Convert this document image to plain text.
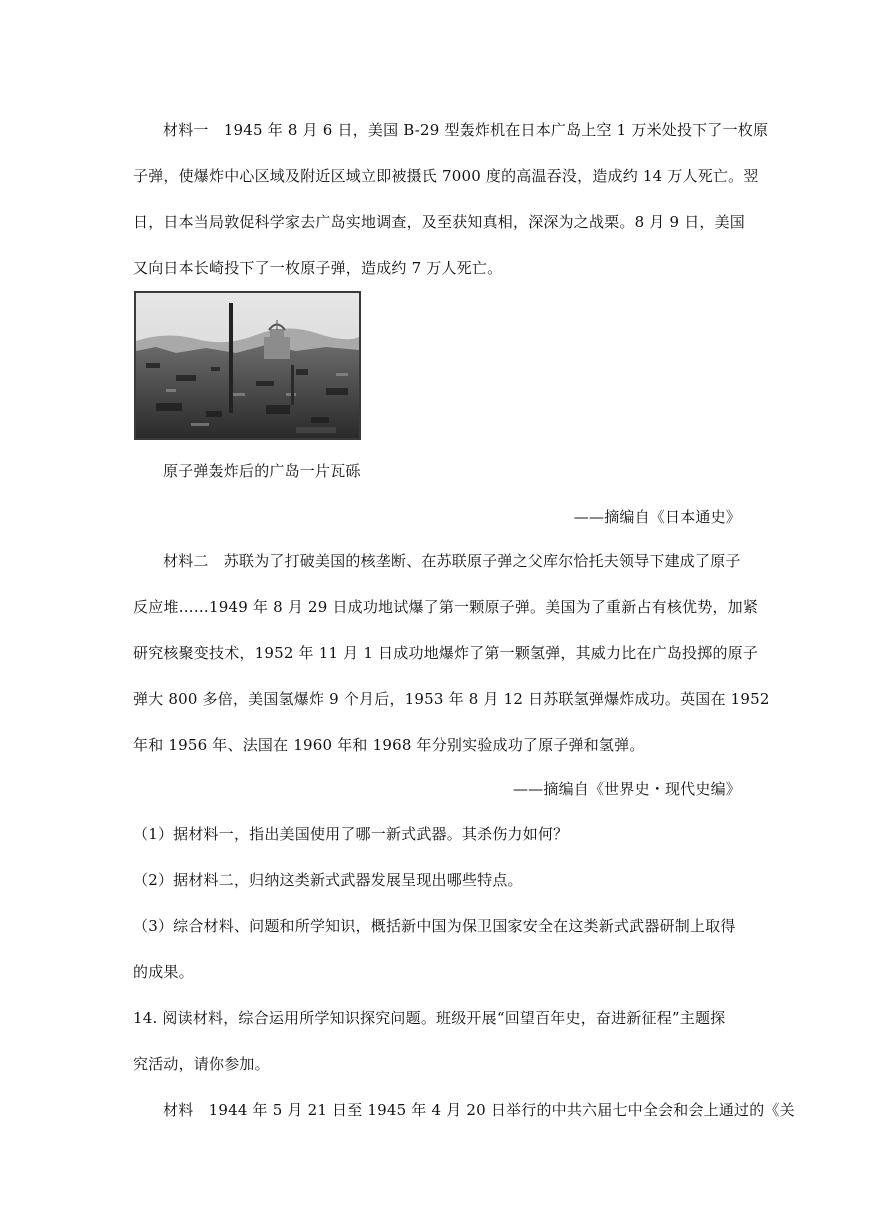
材料一　1945 年 8 月 6 日，美国 B-29 型轰炸机在日本广岛上空 1 万米处投下了一枚原
子弹，使爆炸中心区域及附近区域立即被摄氏 7000 度的高温吞没，造成约 14 万人死亡。翌
日，日本当局敦促科学家去广岛实地调查，及至获知真相，深深为之战栗。8 月 9 日，美国
又向日本长崎投下了一枚原子弹，造成约 7 万人死亡。
原子弹轰炸后的广岛一片瓦砾
——摘编自《日本通史》
材料二　苏联为了打破美国的核垄断、在苏联原子弹之父库尔恰托夫领导下建成了原子
反应堆……1949 年 8 月 29 日成功地试爆了第一颗原子弹。美国为了重新占有核优势，加紧
研究核聚变技术，1952 年 11 月 1 日成功地爆炸了第一颗氢弹，其威力比在广岛投掷的原子
弹大 800 多倍，美国氢爆炸 9 个月后，1953 年 8 月 12 日苏联氢弹爆炸成功。英国在 1952
年和 1956 年、法国在 1960 年和 1968 年分别实验成功了原子弹和氢弹。
——摘编自《世界史・现代史编》
（1）据材料一，指出美国使用了哪一新式武器。其杀伤力如何？
（2）据材料二，归纳这类新式武器发展呈现出哪些特点。
（3）综合材料、问题和所学知识，概括新中国为保卫国家安全在这类新式武器研制上取得
的成果。
14. 阅读材料，综合运用所学知识探究问题。班级开展“回望百年史，奋进新征程”主题探
究活动，请你参加。
材料　1944 年 5 月 21 日至 1945 年 4 月 20 日举行的中共六届七中全会和会上通过的《关
